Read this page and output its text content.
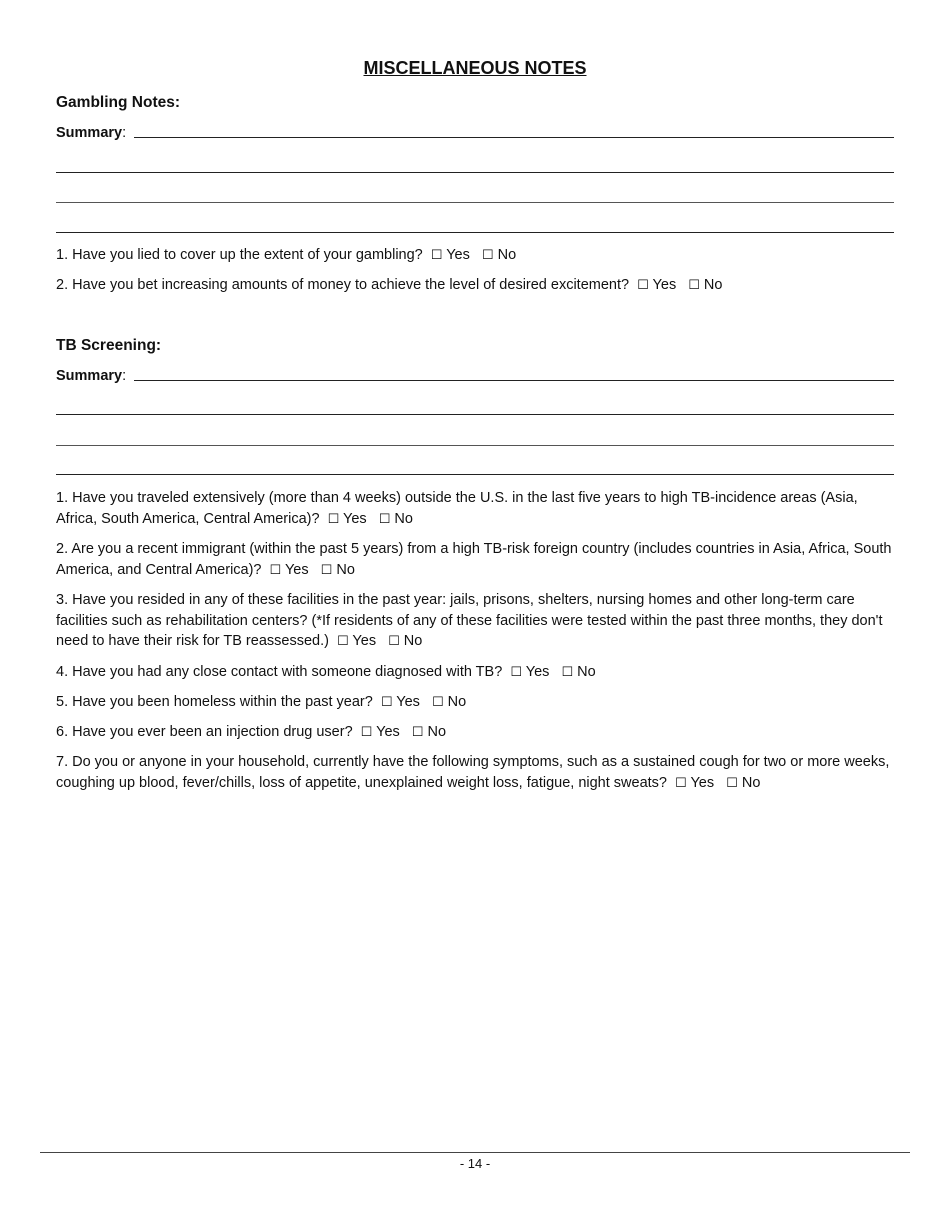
MISCELLANEOUS NOTES
Gambling Notes:
Summary :
1. Have you lied to cover up the extent of your gambling? ☐ Yes ☐ No
2. Have you bet increasing amounts of money to achieve the level of desired excitement? ☐ Yes ☐ No
TB Screening:
Summary :
1. Have you traveled extensively (more than 4 weeks) outside the U.S. in the last five years to high TB-incidence areas (Asia, Africa, South America, Central America)? ☐ Yes ☐ No
2. Are you a recent immigrant (within the past 5 years) from a high TB-risk foreign country (includes countries in Asia, Africa, South America, and Central America)? ☐ Yes ☐ No
3. Have you resided in any of these facilities in the past year: jails, prisons, shelters, nursing homes and other long-term care facilities such as rehabilitation centers? (*If residents of any of these facilities were tested within the past three months, they don't need to have their risk for TB reassessed.) ☐ Yes ☐ No
4. Have you had any close contact with someone diagnosed with TB? ☐ Yes ☐ No
5. Have you been homeless within the past year? ☐ Yes ☐ No
6. Have you ever been an injection drug user? ☐ Yes ☐ No
7. Do you or anyone in your household, currently have the following symptoms, such as a sustained cough for two or more weeks, coughing up blood, fever/chills, loss of appetite, unexplained weight loss, fatigue, night sweats? ☐ Yes ☐ No
- 14 -
